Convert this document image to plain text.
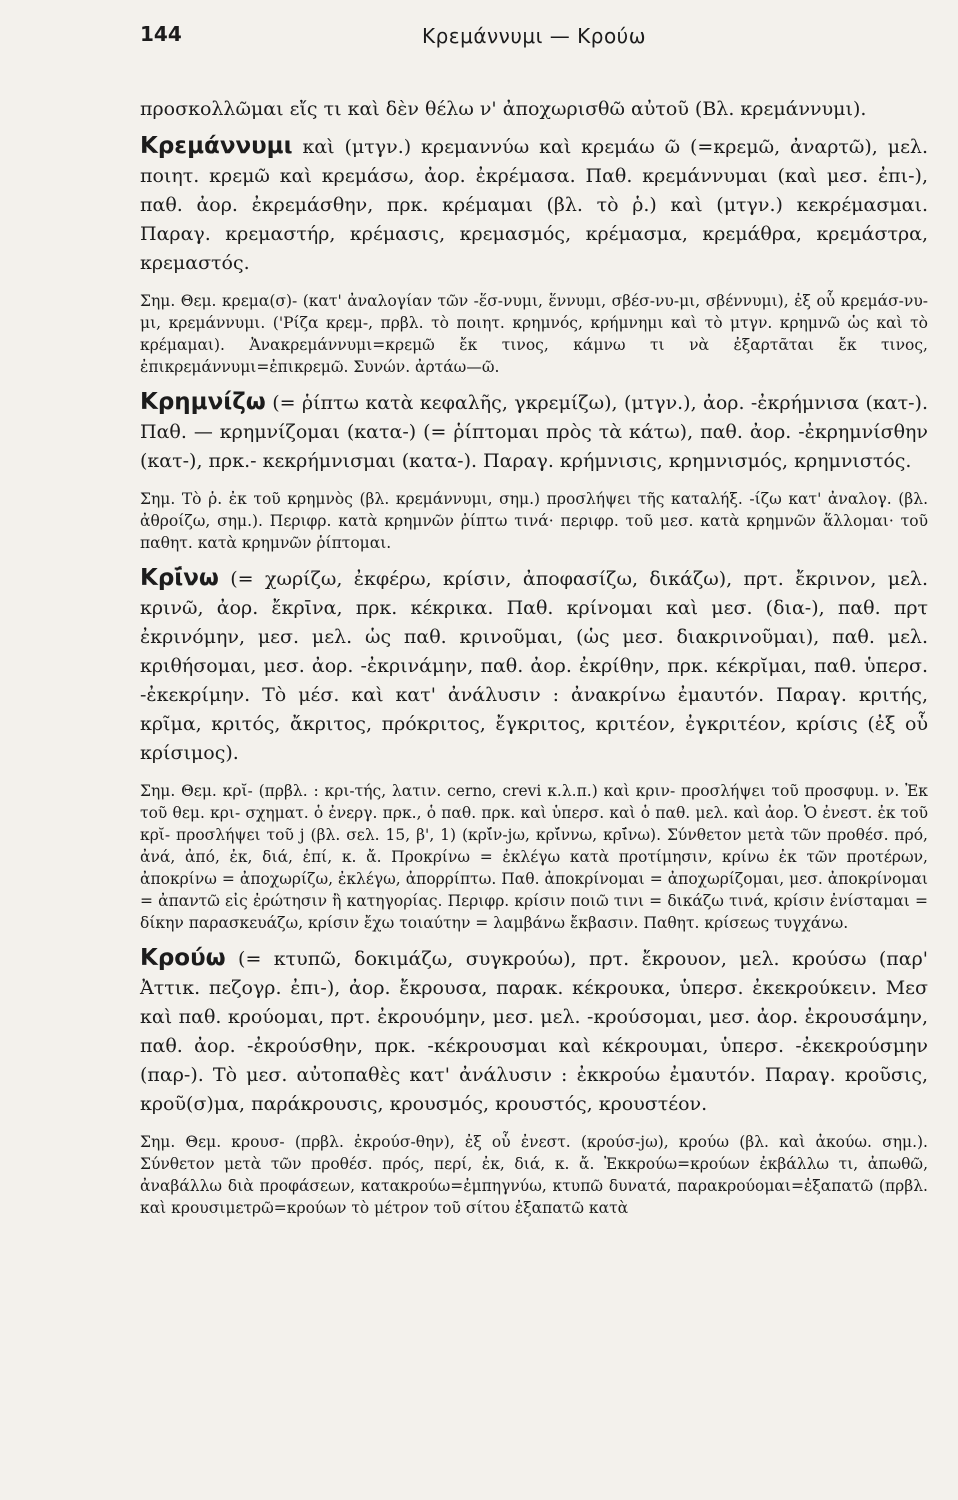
144	Κρεμάννυμι — Κρούω

προσκολλῶμαι εἴς τι καὶ δὲν θέλω ν' ἀποχωρισθῶ αὐτοῦ (Βλ. κρεμάννυμι).

Κρεμάννυμι καὶ (μτγν.) κρεμαννύω καὶ κρεμάω ῶ (=κρεμῶ, ἀναρτῶ), μελ. ποιητ. κρεμῶ καὶ κρεμάσω, ἀορ. ἐκρέμασα. Παθ. κρεμάννυμαι (καὶ μεσ. ἐπι-), παθ. ἀορ. ἐκρεμάσθην, πρκ. κρέμαμαι (βλ. τὸ ῥ.) καὶ (μτγν.) κεκρέμασμαι. Παραγ. κρεμαστήρ, κρέμασις, κρεμασμός, κρέμασμα, κρεμάθρα, κρεμάστρα, κρεμαστός.

Σημ. Θεμ. κρεμα(σ)- (κατ' ἀναλογίαν τῶν -ἕσ-νυμι, ἕννυμι, σβέσ-νυ-μι, σβέννυμι), ἐξ οὗ κρεμάσ-νυ-μι, κρεμάννυμι. ('Ρίζα κρεμ-, πρβλ. τὸ ποιητ. κρημνός, κρήμνημι καὶ τὸ μτγν. κρημνῶ ὡς καὶ τὸ κρέμαμαι). Ἀνακρεμάννυμι=κρεμῶ ἔκ τινος, κάμνω τι νὰ ἐξαρτᾶται ἔκ τινος, ἐπικρεμάννυμι=ἐπικρεμῶ. Συνών. ἀρτάω—ῶ.

Κρημνίζω (= ῥίπτω κατὰ κεφαλῆς, γκρεμίζω), (μτγν.), ἀορ. -ἐκρήμνισα (κατ-). Παθ. — κρημνίζομαι (κατα-) (= ῥίπτομαι πρὸς τὰ κάτω), παθ. ἀορ. -ἐκρημνίσθην (κατ-), πρκ.- κεκρήμνισμαι (κατα-). Παραγ. κρήμνισις, κρημνισμός, κρημνιστός.

Σημ. Τὸ ῥ. ἐκ τοῦ κρημνὸς (βλ. κρεμάννυμι, σημ.) προσλήψει τῆς καταλήξ. -ίζω κατ' ἀναλογ. (βλ. ἀθροίζω, σημ.). Περιφρ. κατὰ κρημνῶν ῥίπτω τινά· περιφρ. τοῦ μεσ. κατὰ κρημνῶν ἅλλομαι· τοῦ παθητ. κατὰ κρημνῶν ῥίπτομαι.

Κρῑ́νω (= χωρίζω, ἐκφέρω, κρίσιν, ἀποφασίζω, δικάζω), πρτ. ἔκρινον, μελ. κρινῶ, ἀορ. ἔκρῑνα, πρκ. κέκρικα. Παθ. κρίνομαι καὶ μεσ. (δια-), παθ. πρτ ἐκρινόμην, μεσ. μελ. ὡς παθ. κρινοῦμαι, (ὡς μεσ. διακρινοῦμαι), παθ. μελ. κριθήσομαι, μεσ. ἀορ. -ἐκρινάμην, παθ. ἀορ. ἐκρίθην, πρκ. κέκρῐμαι, παθ. ὑπερσ. -ἐκεκρίμην. Τὸ μέσ. καὶ κατ' ἀνάλυσιν : ἀνακρίνω ἐμαυτόν. Παραγ. κριτής, κρῖμα, κριτός, ἄκριτος, πρόκριτος, ἔγκριτος, κριτέον, ἐγκριτέον, κρίσις (ἐξ οὗ κρίσιμος).

Σημ. Θεμ. κρῐ- (πρβλ. : κρι-τής, λατιν. cerno, crevi κ.λ.π.) καὶ κριν- προσλήψει τοῦ προσφυμ. ν. Ἐκ τοῦ θεμ. κρι- σχηματ. ὁ ἐνεργ. πρκ., ὁ παθ. πρκ. καὶ ὑπερσ. καὶ ὁ παθ. μελ. καὶ ἀορ. Ὁ ἐνεστ. ἐκ τοῦ κρῐ- προσλήψει τοῦ j (βλ. σελ. 15, β', 1) (κρῐ́ν-jω, κρῐ́ννω, κρῑ́νω). Σύνθετον μετὰ τῶν προθέσ. πρό, ἀνά, ἀπό, ἐκ, διά, ἐπί, κ. ἄ. Προκρίνω = ἐκλέγω κατὰ προτίμησιν, κρίνω ἐκ τῶν προτέρων, ἀποκρίνω = ἀποχωρίζω, ἐκλέγω, ἀπορρίπτω. Παθ. ἀποκρίνομαι = ἀποχωρίζομαι, μεσ. ἀποκρίνομαι = ἀπαντῶ εἰς ἐρώτησιν ἢ κατηγορίας. Περιφρ. κρίσιν ποιῶ τινι = δικάζω τινά, κρίσιν ἐνίσταμαι = δίκην παρασκευάζω, κρίσιν ἔχω τοιαύτην = λαμβάνω ἔκβασιν. Παθητ. κρίσεως τυγχάνω.

Κρούω (= κτυπῶ, δοκιμάζω, συγκρούω), πρτ. ἔκρουον, μελ. κρούσω (παρ' Ἀττικ. πεζογρ. ἐπι-), ἀορ. ἔκρουσα, παρακ. κέκρουκα, ὑπερσ. ἐκεκρούκειν. Μεσ καὶ παθ. κρούομαι, πρτ. ἐκρουόμην, μεσ. μελ. -κρούσομαι, μεσ. ἀορ. ἐκρουσάμην, παθ. ἀορ. -ἐκρούσθην, πρκ. -κέκρουσμαι καὶ κέκρουμαι, ὑπερσ. -ἐκεκρούσμην (παρ-). Τὸ μεσ. αὐτοπαθὲς κατ' ἀνάλυσιν : ἐκκρούω ἐμαυτόν. Παραγ. κροῦσις, κροῦ(σ)μα, παράκρουσις, κρουσμός, κρουστός, κρουστέον.

Σημ. Θεμ. κρουσ- (πρβλ. ἐκρούσ-θην), ἐξ οὗ ἐνεστ. (κρούσ-jω), κρούω (βλ. καὶ ἀκούω. σημ.). Σύνθετον μετὰ τῶν προθέσ. πρός, περί, ἐκ, διά, κ. ἄ. Ἐκκρούω=κρούων ἐκβάλλω τι, ἀπωθῶ, ἀναβάλλω διὰ προφάσεων, κατακρούω=ἐμπηγνύω, κτυπῶ δυνατά, παρακρούομαι=ἐξαπατῶ (πρβλ. καὶ κρουσιμετρῶ=κρούων τὸ μέτρον τοῦ σίτου ἐξαπατῶ κατὰ
